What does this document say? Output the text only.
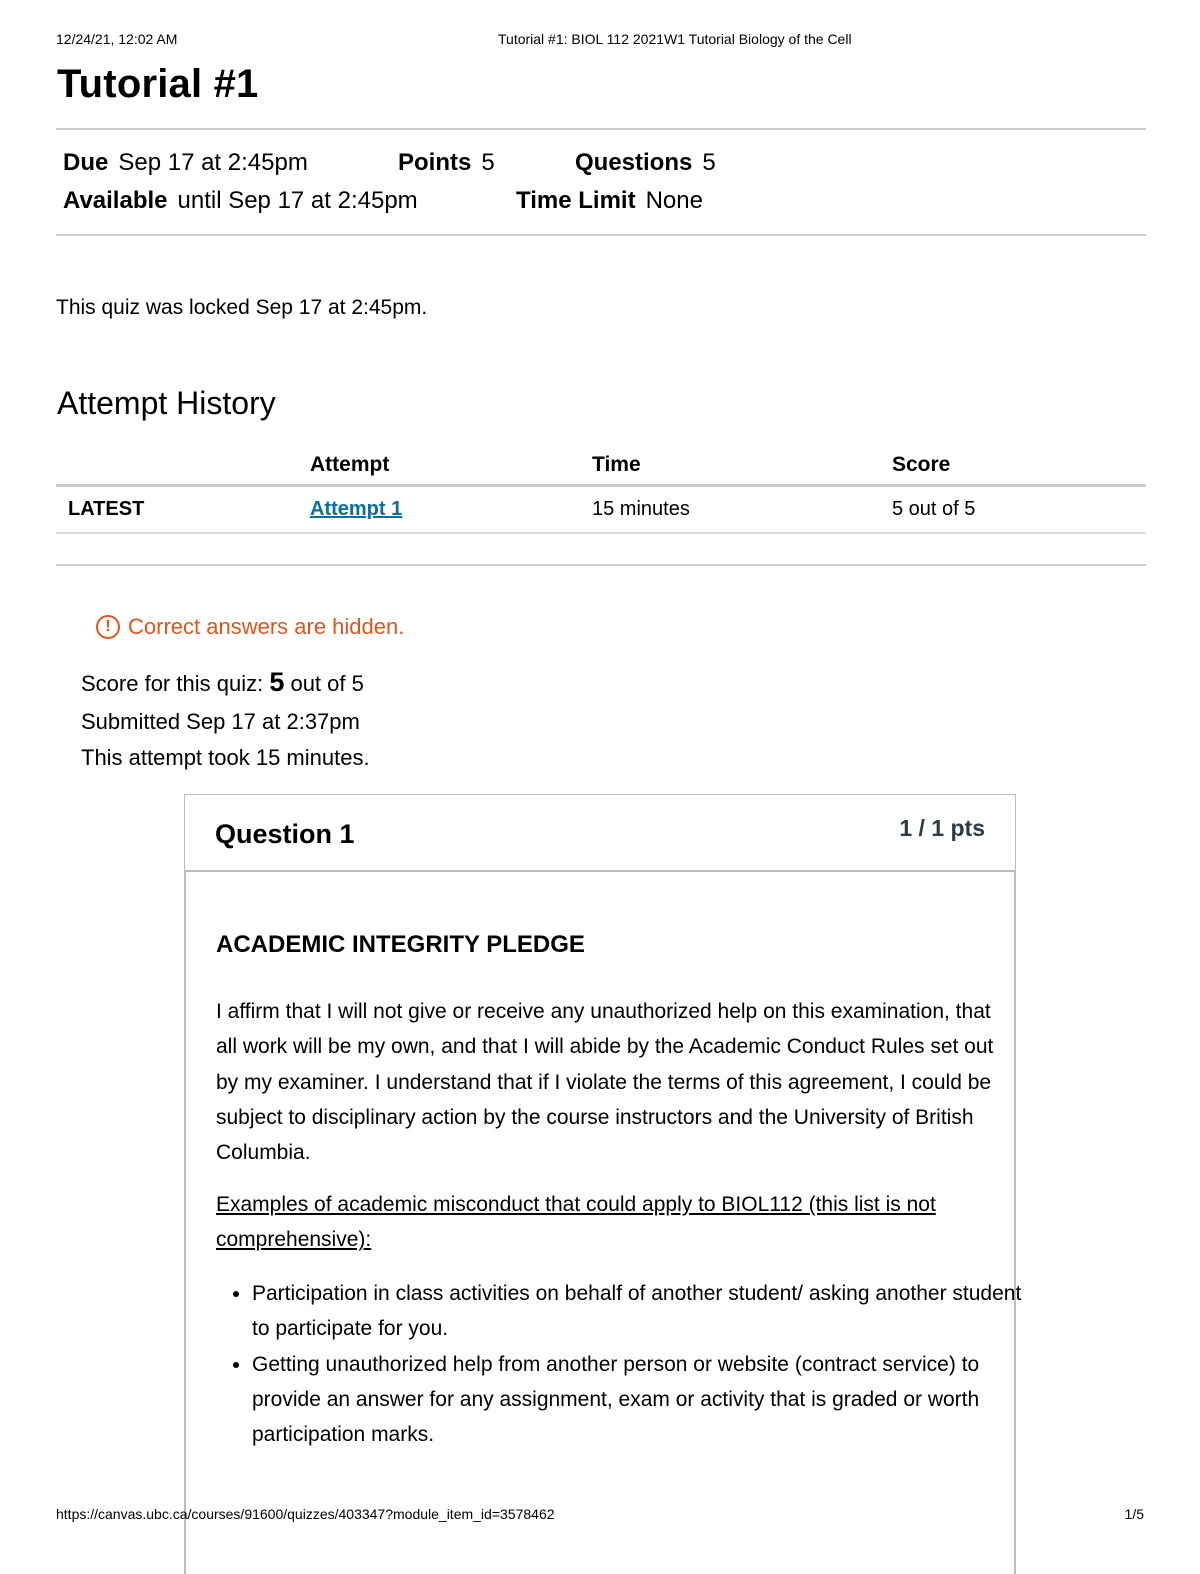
12/24/21, 12:02 AM	Tutorial #1: BIOL 112 2021W1 Tutorial Biology of the Cell
Tutorial #1
Due Sep 17 at 2:45pm	Points 5	Questions 5
Available until Sep 17 at 2:45pm	Time Limit None
This quiz was locked Sep 17 at 2:45pm.
Attempt History
	Attempt	Time	Score
LATEST	Attempt 1	15 minutes	5 out of 5
! Correct answers are hidden.
Score for this quiz: 5 out of 5
Submitted Sep 17 at 2:37pm
This attempt took 15 minutes.
Question 1	1 / 1 pts
ACADEMIC INTEGRITY PLEDGE

I affirm that I will not give or receive any unauthorized help on this examination, that all work will be my own, and that I will abide by the Academic Conduct Rules set out by my examiner. I understand that if I violate the terms of this agreement, I could be subject to disciplinary action by the course instructors and the University of British Columbia.

Examples of academic misconduct that could apply to BIOL112 (this list is not comprehensive):

• Participation in class activities on behalf of another student/ asking another student to participate for you.
• Getting unauthorized help from another person or website (contract service) to provide an answer for any assignment, exam or activity that is graded or worth participation marks.
https://canvas.ubc.ca/courses/91600/quizzes/403347?module_item_id=3578462	1/5
